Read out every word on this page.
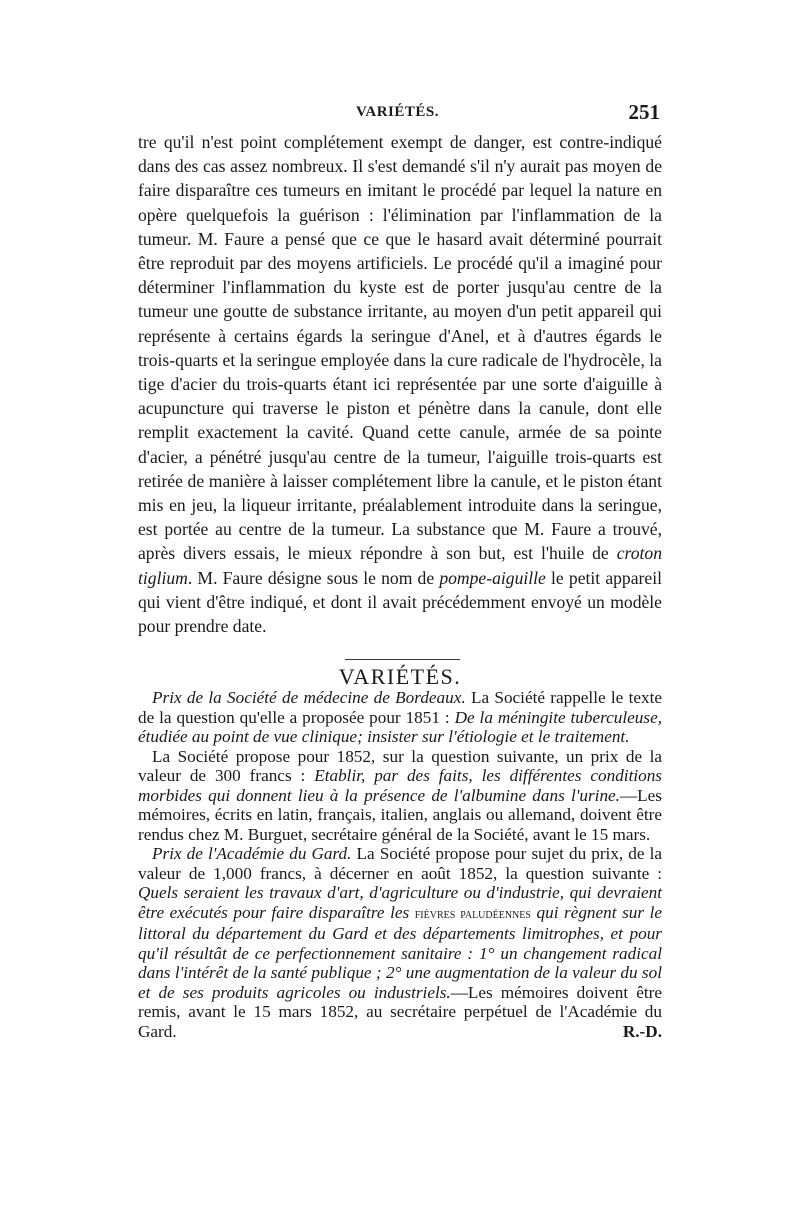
VARIÉTÉS.	251

tre qu'il n'est point complétement exempt de danger, est contre-indiqué dans des cas assez nombreux. Il s'est demandé s'il n'y aurait pas moyen de faire disparaître ces tumeurs en imitant le procédé par lequel la nature en opère quelquefois la guérison : l'élimination par l'inflammation de la tumeur. M. Faure a pensé que ce que le hasard avait déterminé pourrait être reproduit par des moyens artificiels. Le procédé qu'il a imaginé pour déterminer l'inflammation du kyste est de porter jusqu'au centre de la tumeur une goutte de substance irritante, au moyen d'un petit appareil qui représente à certains égards la seringue d'Anel, et à d'autres égards le trois-quarts et la seringue employée dans la cure radicale de l'hydrocèle, la tige d'acier du trois-quarts étant ici représentée par une sorte d'aiguille à acupuncture qui traverse le piston et pénètre dans la canule, dont elle remplit exactement la cavité. Quand cette canule, armée de sa pointe d'acier, a pénétré jusqu'au centre de la tumeur, l'aiguille trois-quarts est retirée de manière à laisser complétement libre la canule, et le piston étant mis en jeu, la liqueur irritante, préalablement introduite dans la seringue, est portée au centre de la tumeur. La substance que M. Faure a trouvé, après divers essais, le mieux répondre à son but, est l'huile de croton tiglium. M. Faure désigne sous le nom de pompe-aiguille le petit appareil qui vient d'être indiqué, et dont il avait précédemment envoyé un modèle pour prendre date.

VARIÉTÉS.

Prix de la Société de médecine de Bordeaux. La Société rappelle le texte de la question qu'elle a proposée pour 1851 : De la méningite tuberculeuse, étudiée au point de vue clinique; insister sur l'étiologie et le traitement.

La Société propose pour 1852, sur la question suivante, un prix de la valeur de 300 francs : Etablir, par des faits, les différentes conditions morbides qui donnent lieu à la présence de l'albumine dans l'urine.—Les mémoires, écrits en latin, français, italien, anglais ou allemand, doivent être rendus chez M. Burguet, secrétaire général de la Société, avant le 15 mars.

Prix de l'Académie du Gard. La Société propose pour sujet du prix, de la valeur de 1,000 francs, à décerner en août 1852, la question suivante : Quels seraient les travaux d'art, d'agriculture ou d'industrie, qui devraient être exécutés pour faire disparaître les fièvres paludéennes qui règnent sur le littoral du département du Gard et des départements limitrophes, et pour qu'il résultât de ce perfectionnement sanitaire : 1° un changement radical dans l'intérêt de la santé publique ; 2° une augmentation de la valeur du sol et de ses produits agricoles ou industriels.—Les mémoires doivent être remis, avant le 15 mars 1852, au secrétaire perpétuel de l'Académie du Gard.	R.-D.
